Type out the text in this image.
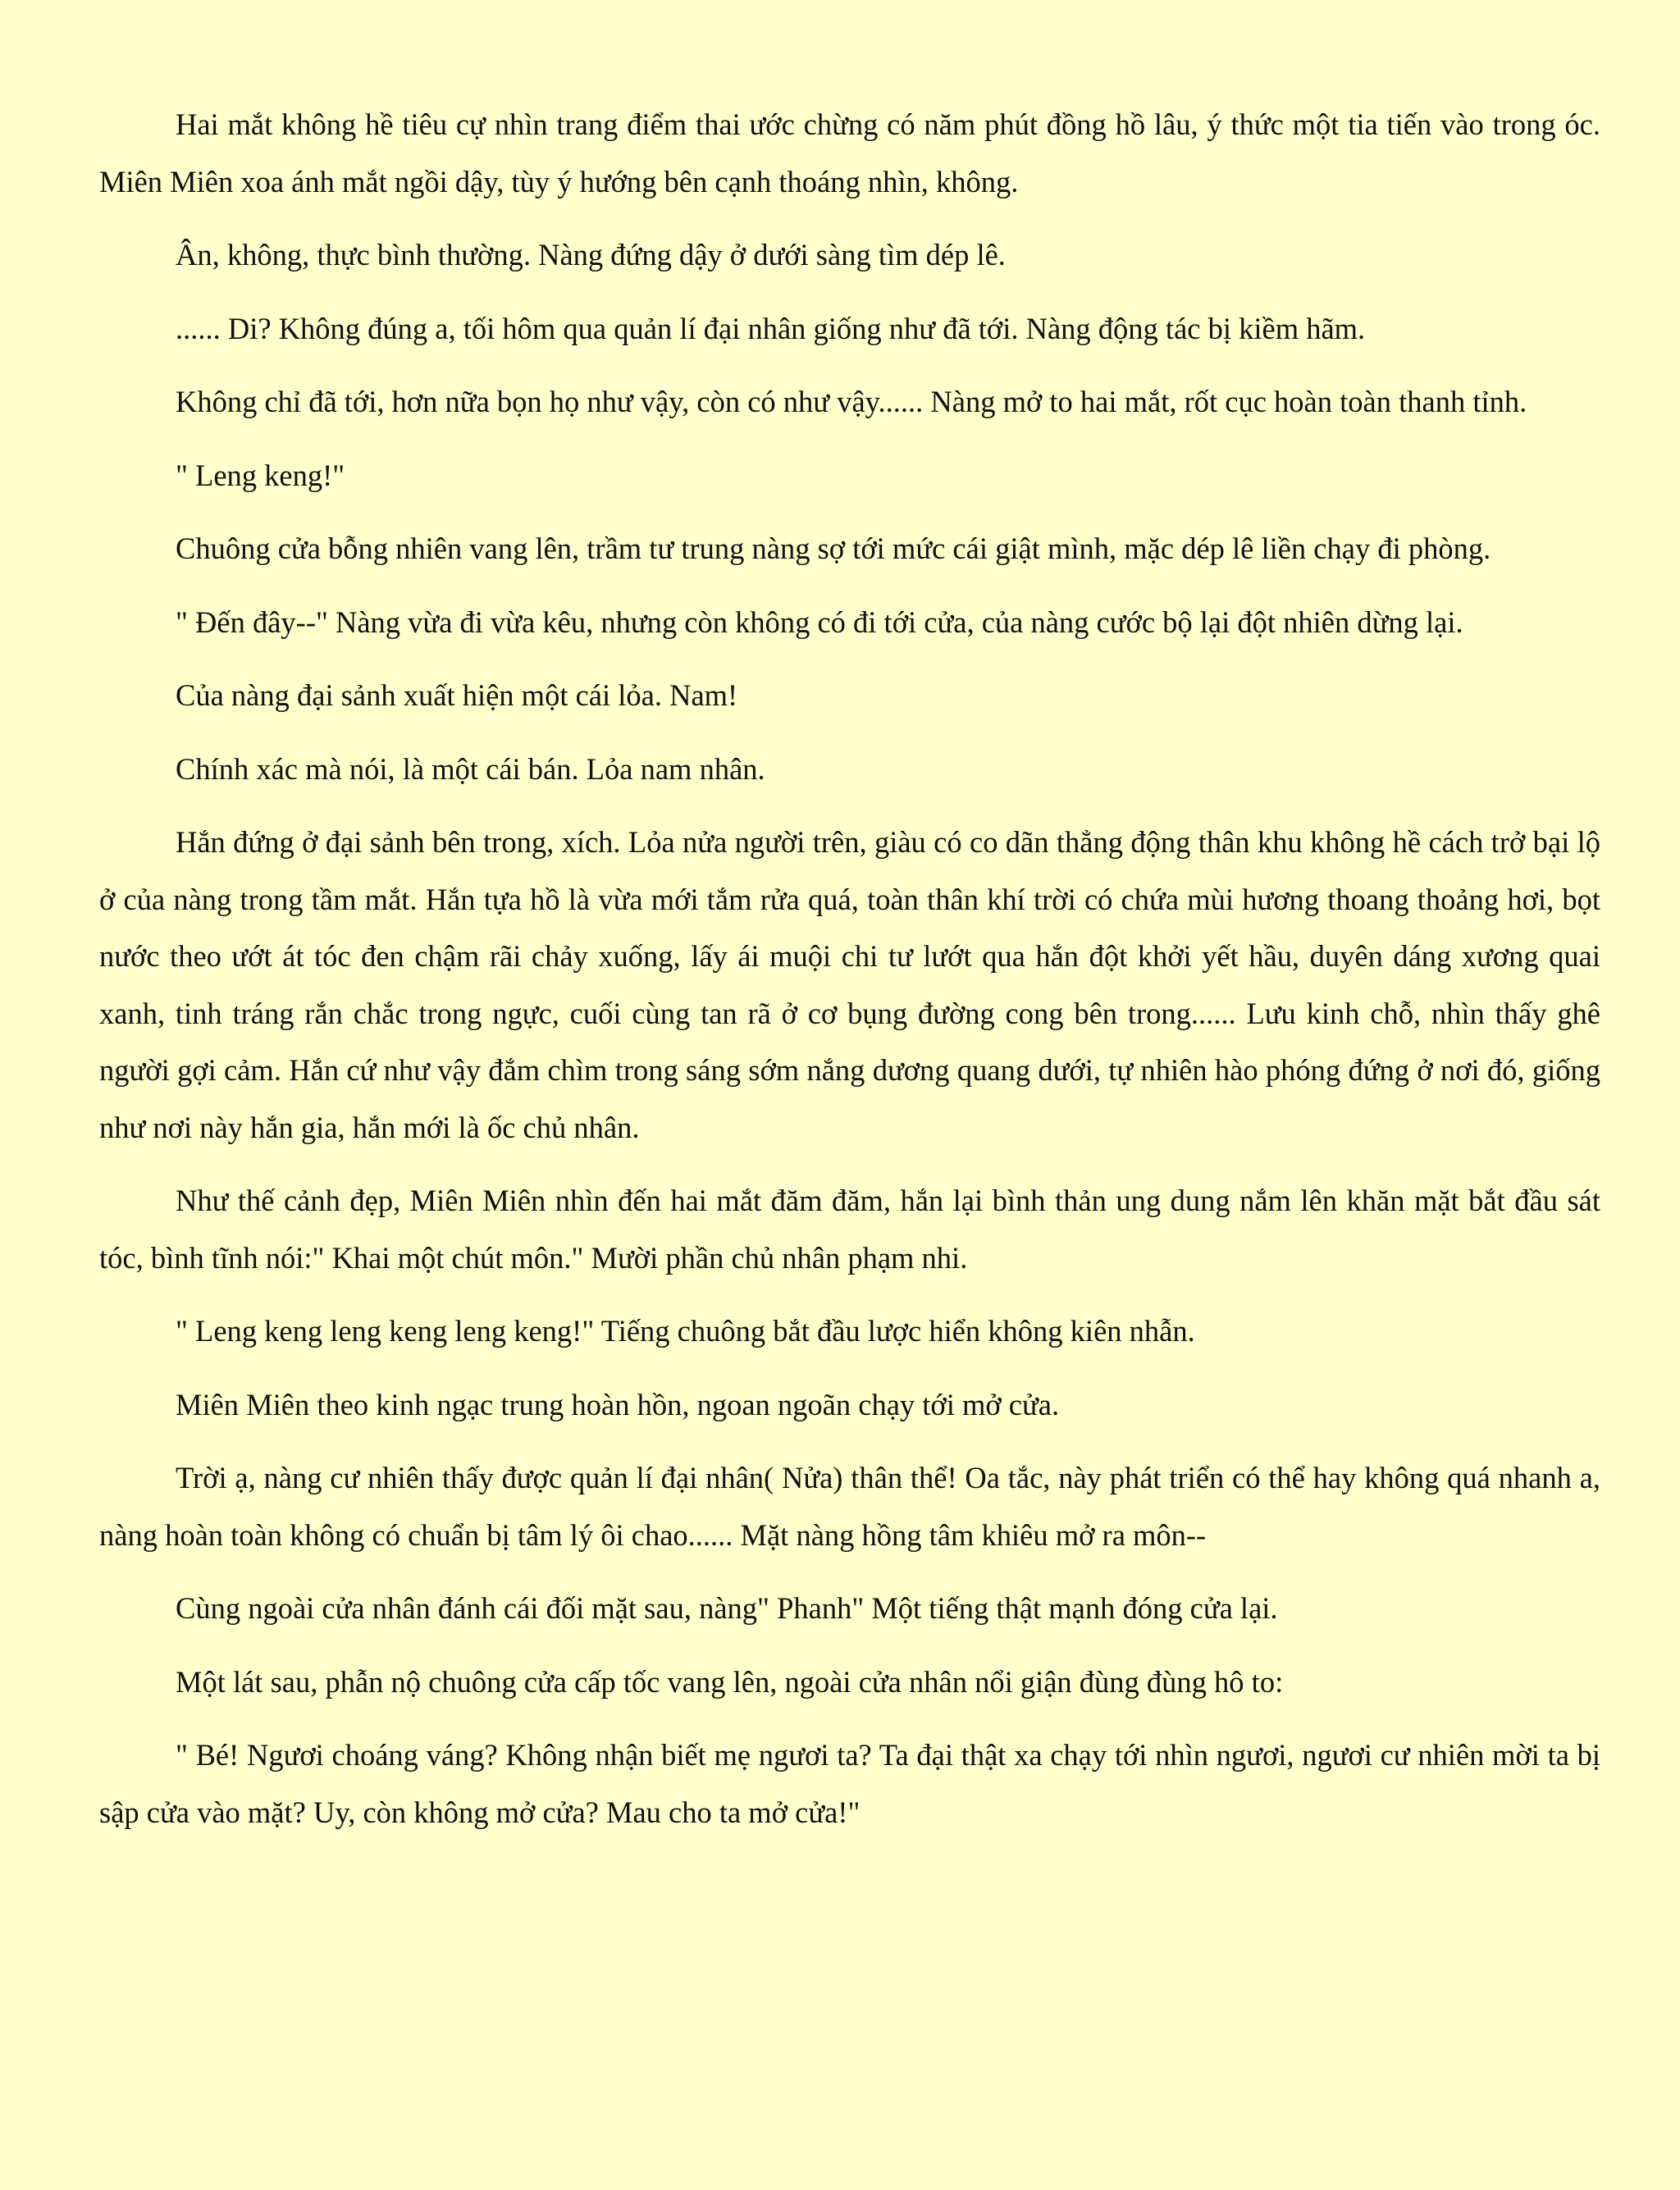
Hai mắt không hề tiêu cự nhìn trang điểm thai ước chừng có năm phút đồng hồ lâu, ý thức một tia tiến vào trong óc. Miên Miên xoa ánh mắt ngồi dậy, tùy ý hướng bên cạnh thoáng nhìn, không.

Ân, không, thực bình thường. Nàng đứng dậy ở dưới sàng tìm dép lê.

...... Di? Không đúng a, tối hôm qua quản lí đại nhân giống như đã tới. Nàng động tác bị kiềm hãm.

Không chỉ đã tới, hơn nữa bọn họ như vậy, còn có như vậy...... Nàng mở to hai mắt, rốt cục hoàn toàn thanh tỉnh.

" Leng keng!"

Chuông cửa bỗng nhiên vang lên, trầm tư trung nàng sợ tới mức cái giật mình, mặc dép lê liền chạy đi phòng.

" Đến đây--" Nàng vừa đi vừa kêu, nhưng còn không có đi tới cửa, của nàng cước bộ lại đột nhiên dừng lại.

Của nàng đại sảnh xuất hiện một cái lỏa. Nam!

Chính xác mà nói, là một cái bán. Lỏa nam nhân.

Hắn đứng ở đại sảnh bên trong, xích. Lỏa nửa người trên, giàu có co dãn thẳng động thân khu không hề cách trở bại lộ ở của nàng trong tầm mắt. Hắn tựa hồ là vừa mới tắm rửa quá, toàn thân khí trời có chứa mùi hương thoang thoảng hơi, bọt nước theo ướt át tóc đen chậm rãi chảy xuống, lấy ái muội chi tư lướt qua hắn đột khởi yết hầu, duyên dáng xương quai xanh, tinh tráng rắn chắc trong ngực, cuối cùng tan rã ở cơ bụng đường cong bên trong...... Lưu kinh chỗ, nhìn thấy ghê người gợi cảm. Hắn cứ như vậy đắm chìm trong sáng sớm nắng dương quang dưới, tự nhiên hào phóng đứng ở nơi đó, giống như nơi này hắn gia, hắn mới là ốc chủ nhân.

Như thế cảnh đẹp, Miên Miên nhìn đến hai mắt đăm đăm, hắn lại bình thản ung dung nắm lên khăn mặt bắt đầu sát tóc, bình tĩnh nói:" Khai một chút môn." Mười phần chủ nhân phạm nhi.

" Leng keng leng keng leng keng!" Tiếng chuông bắt đầu lược hiển không kiên nhẫn.

Miên Miên theo kinh ngạc trung hoàn hồn, ngoan ngoãn chạy tới mở cửa.

Trời ạ, nàng cư nhiên thấy được quản lí đại nhân( Nửa) thân thể! Oa tắc, này phát triển có thể hay không quá nhanh a, nàng hoàn toàn không có chuẩn bị tâm lý ôi chao...... Mặt nàng hồng tâm khiêu mở ra môn--

Cùng ngoài cửa nhân đánh cái đối mặt sau, nàng" Phanh" Một tiếng thật mạnh đóng cửa lại.

Một lát sau, phẫn nộ chuông cửa cấp tốc vang lên, ngoài cửa nhân nổi giận đùng đùng hô to:

" Bé! Ngươi choáng váng? Không nhận biết mẹ ngươi ta? Ta đại thật xa chạy tới nhìn ngươi, ngươi cư nhiên mời ta bị sập cửa vào mặt? Uy, còn không mở cửa? Mau cho ta mở cửa!"
